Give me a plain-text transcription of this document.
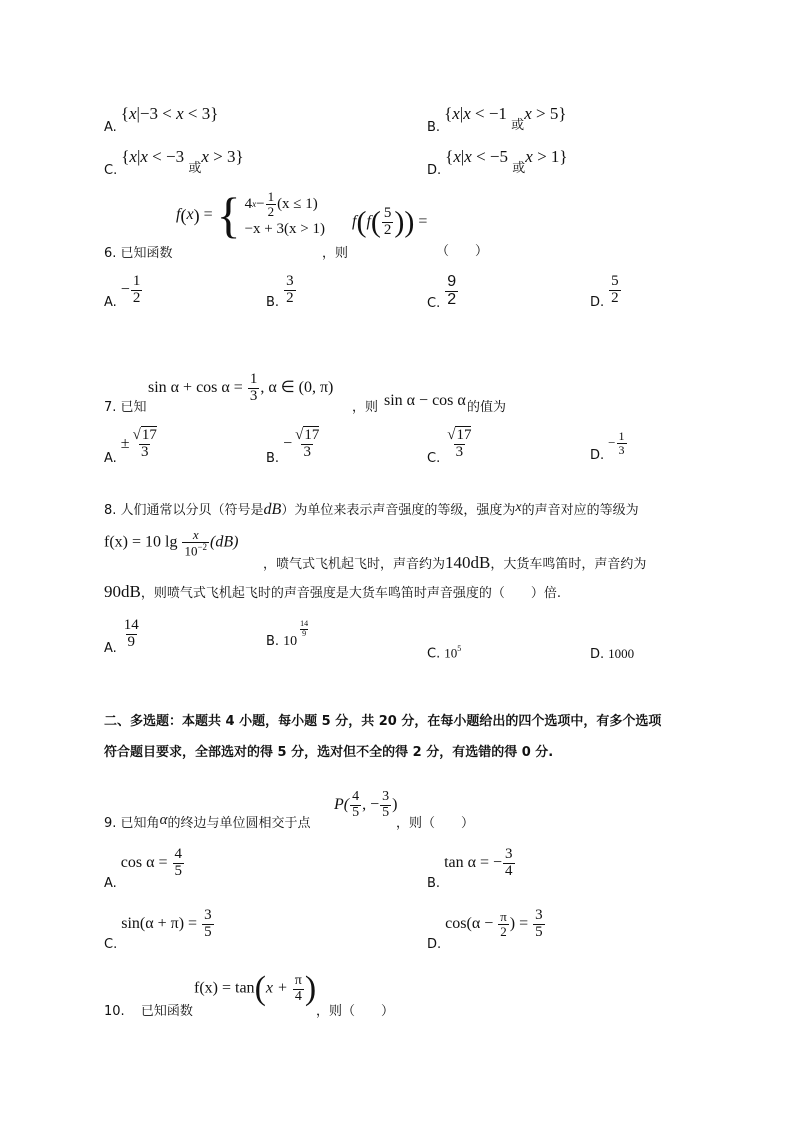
$_{A.}$ {x|−3 < x < 3}
$_{B.}$ {x|x < −1 $_或$x > 5}
$_{C.}$ {x|x < −3 $_或$x > 3}
$_{D.}$ {x|x < −5 $_或$x > 1}
6. 已知函数
f(x) = { 4 $x - \frac{1}{2} (x \le 1)$
−x + 3(x > 1)
，则
$f(f( \frac{5}{2}$ )) =
（　　）
$_{A.} - \frac{1}{2}$	$_{B.} \frac{3}{2}$	$_{C.} \frac{9}{2}$	$_{D.} \frac{5}{2}$
7. 已知
$\sin \alpha + \cos \alpha = \frac{1}{3}$ , α ∈ (0, π)
，则 sin α − cos α 的值为
$_{A.} \pm \frac{√17}{3}$	$_{B.} - \frac{√17}{3}$	$_{C.} \frac{√17}{3}$	$_{D.} - \frac{1}{3}$
8. 人们通常以分贝（符号是dB）为单位来表示声音强度的等级，强度为x的声音对应的等级为
f(x) = 10 $\lg \frac{x}{10^{-2}} (dB)$
，喷气式飞机起飞时，声音约为140dB，大货车鸣笛时，声音约为
90dB，则喷气式飞机起飞时的声音强度是大货车鸣笛时声音强度的（　　）倍.
$_{A.} \frac{14}{9}$	$_{B.}$ 10
$\frac{14}{9}$
C. $10^5$	D. 1000
二、多选题：本题共 4 小题，每小题 5 分，共 20 分，在每小题给出的四个选项中，有多个选项
符合题目要求，全部选对的得 5 分，选对但不全的得 2 分，有选错的得 0 分.
9. 已知角α的终边与单位圆相交于点
$P( \frac{4}{5}$ , − $\frac{3}{5}$ )
，则（　　）
$_{A.}$ $\cos \alpha = \frac{4}{5}$
$_{B.}$ tan α = − $\frac{3}{4}$
$_{C.}$ $\sin(\alpha + \pi) = \frac{3}{5}$
$_{D.}$ $\cos(\alpha - \frac{\pi}{2}$ ) = $\frac{3}{5}$
10. 已知函数
$f(x) = \tan(x + \frac{\pi}{4}$ )
，则（　　）
